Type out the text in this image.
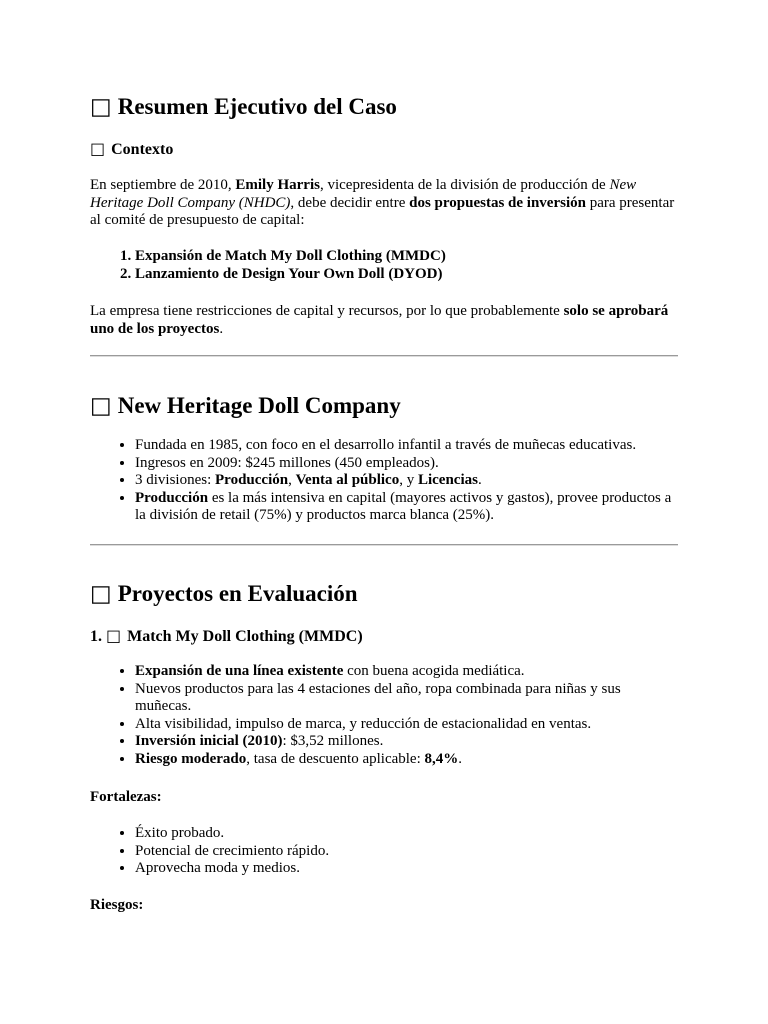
□ Resumen Ejecutivo del Caso
□ Contexto

En septiembre de 2010, Emily Harris, vicepresidenta de la división de producción de New Heritage Doll Company (NHDC), debe decidir entre dos propuestas de inversión para presentar al comité de presupuesto de capital:

1. Expansión de Match My Doll Clothing (MMDC)
2. Lanzamiento de Design Your Own Doll (DYOD)

La empresa tiene restricciones de capital y recursos, por lo que probablemente solo se aprobará uno de los proyectos.

□ New Heritage Doll Company
• Fundada en 1985, con foco en el desarrollo infantil a través de muñecas educativas.
• Ingresos en 2009: $245 millones (450 empleados).
• 3 divisiones: Producción, Venta al público, y Licencias.
• Producción es la más intensiva en capital (mayores activos y gastos), provee productos a la división de retail (75%) y productos marca blanca (25%).
□ Proyectos en Evaluación
1. □ Match My Doll Clothing (MMDC)
• Expansión de una línea existente con buena acogida mediática.
• Nuevos productos para las 4 estaciones del año, ropa combinada para niñas y sus muñecas.
• Alta visibilidad, impulso de marca, y reducción de estacionalidad en ventas.
• Inversión inicial (2010): $3,52 millones.
• Riesgo moderado, tasa de descuento aplicable: 8,4%.

Fortalezas:

• Éxito probado.
• Potencial de crecimiento rápido.
• Aprovecha moda y medios.

Riesgos:
